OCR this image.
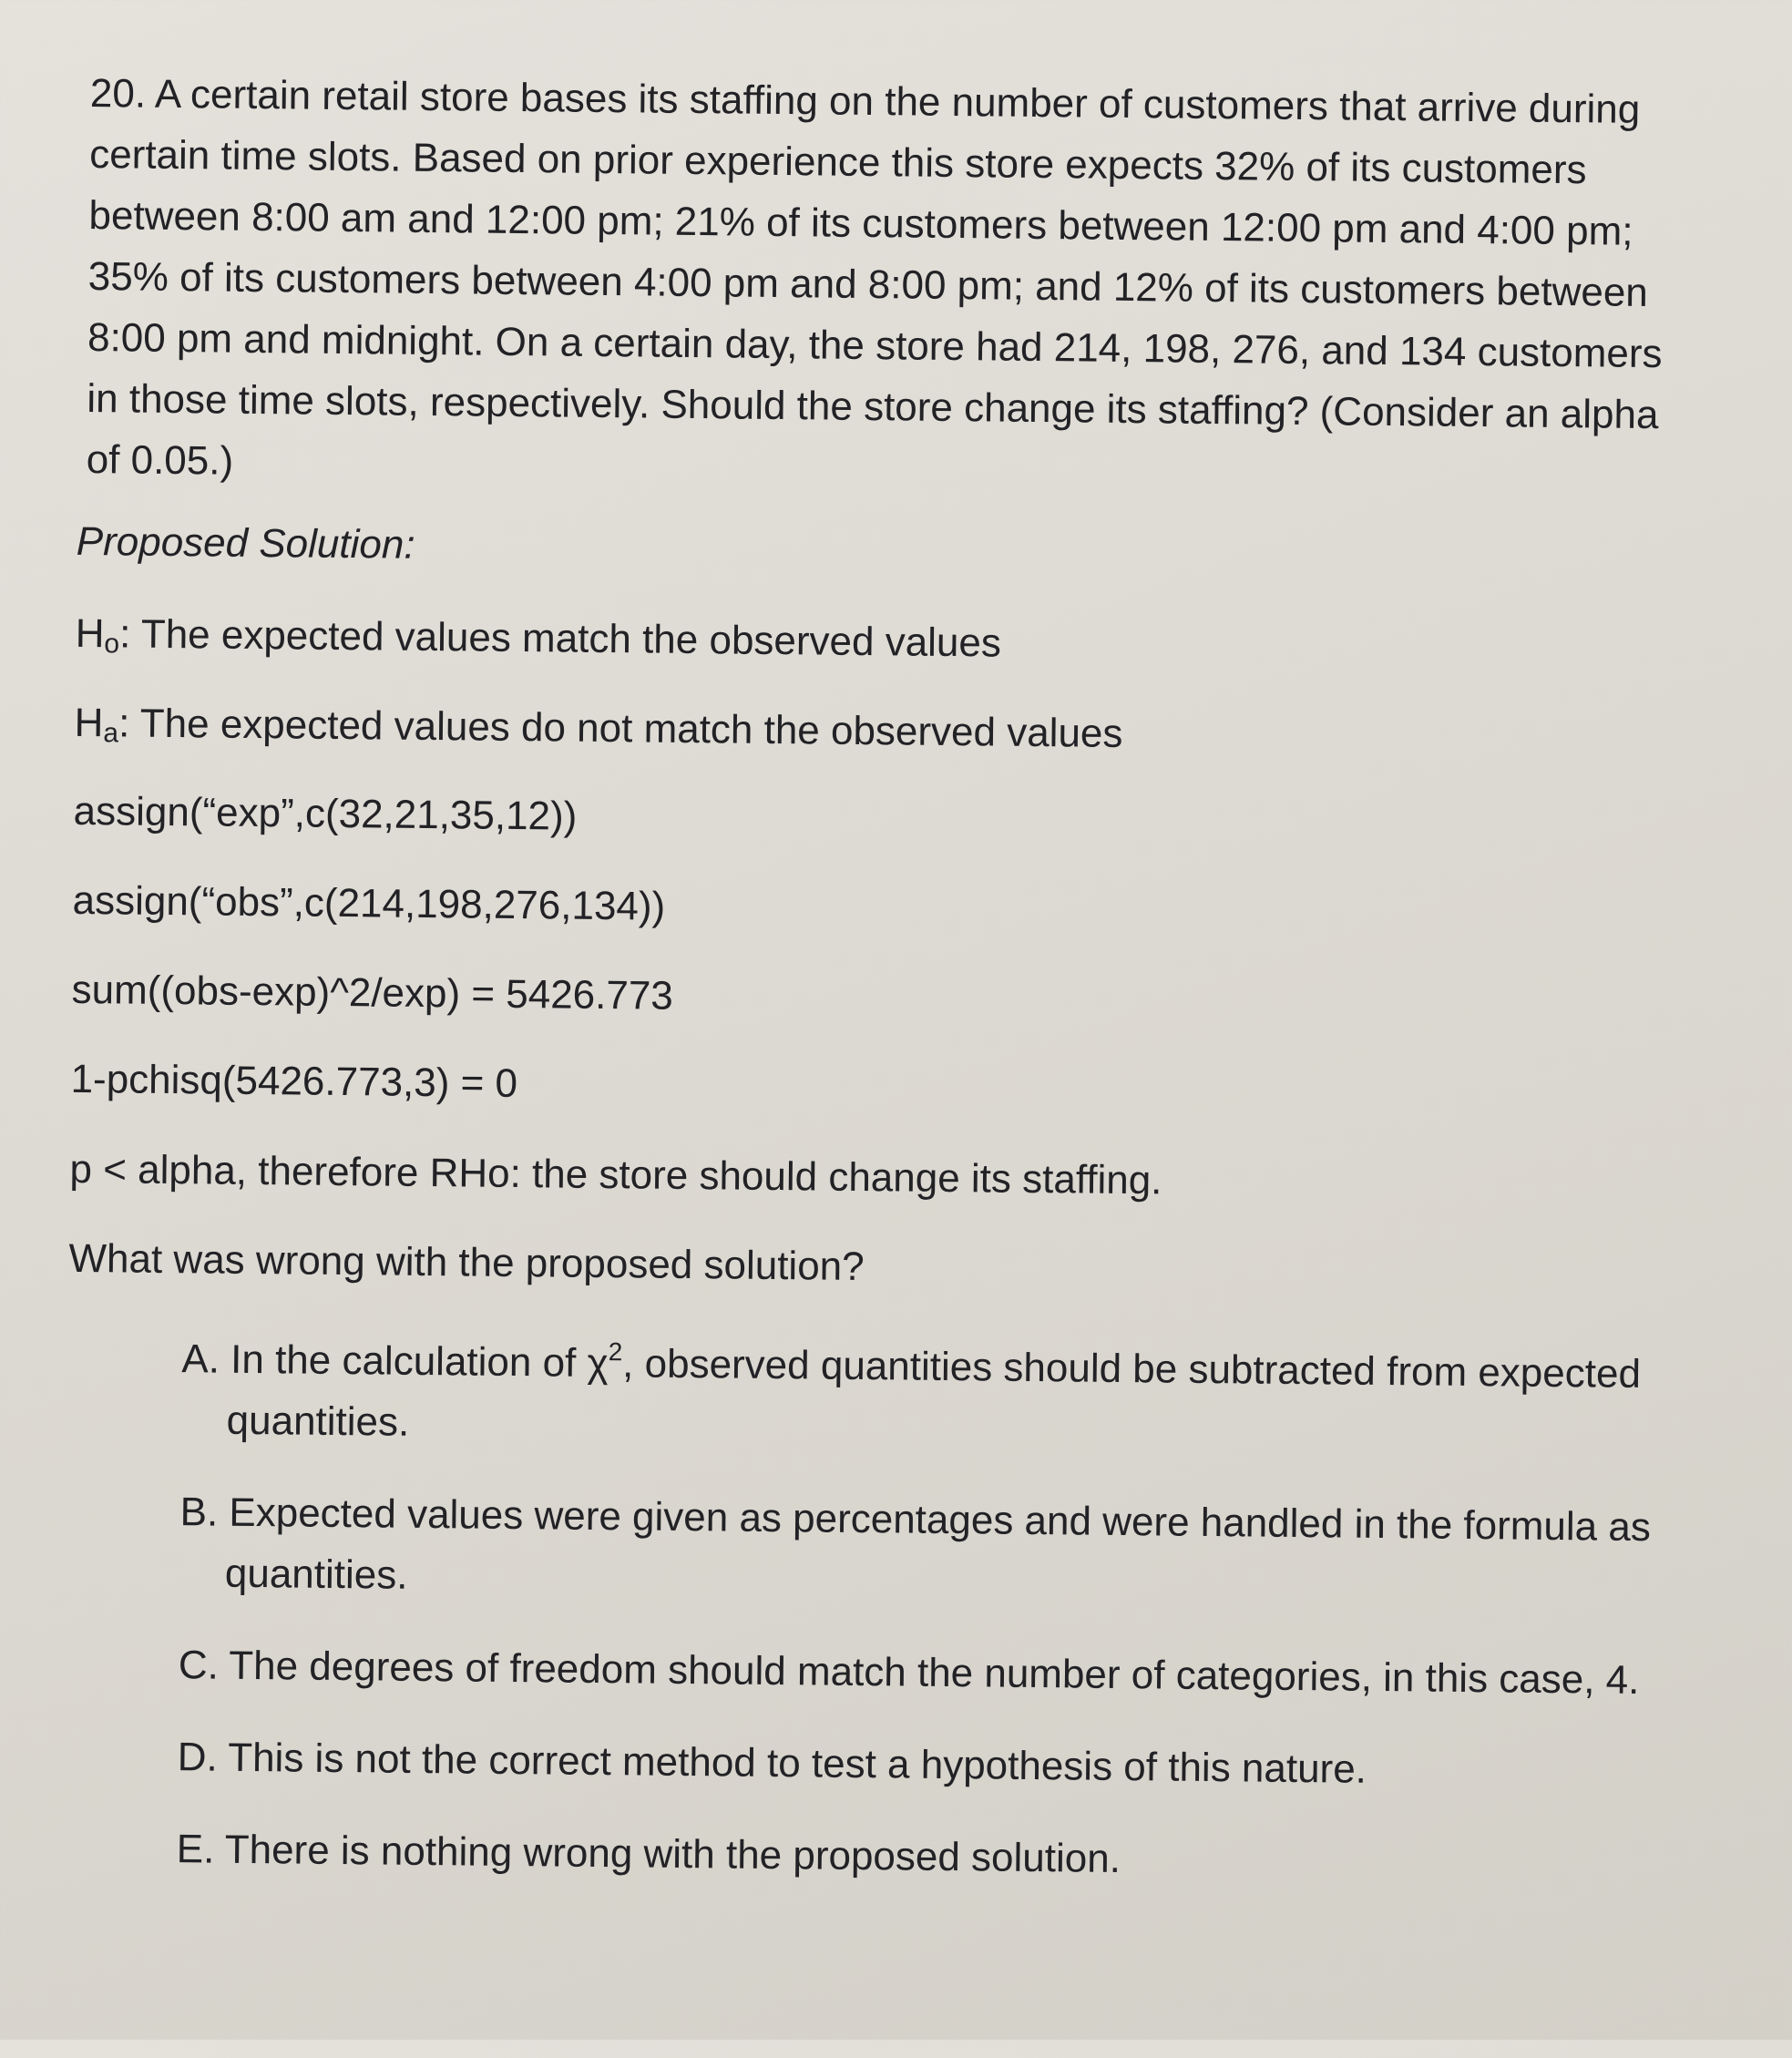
20. A certain retail store bases its staffing on the number of customers that arrive during certain time slots. Based on prior experience this store expects 32% of its customers between 8:00 am and 12:00 pm; 21% of its customers between 12:00 pm and 4:00 pm; 35% of its customers between 4:00 pm and 8:00 pm; and 12% of its customers between 8:00 pm and midnight. On a certain day, the store had 214, 198, 276, and 134 customers in those time slots, respectively. Should the store change its staffing? (Consider an alpha of 0.05.)

Proposed Solution:

$H_o$: The expected values match the observed values

$H_a$: The expected values do not match the observed values

assign(“exp”,c(32,21,35,12))

assign(“obs”,c(214,198,276,134))

sum((obs-exp)^2/exp) = 5426.773

1-pchisq(5426.773,3) = 0

p < alpha, therefore RHo: the store should change its staffing.

What was wrong with the proposed solution?

A. In the calculation of $\chi^2$, observed quantities should be subtracted from expected quantities.
B. Expected values were given as percentages and were handled in the formula as quantities.
C. The degrees of freedom should match the number of categories, in this case, 4.
D. This is not the correct method to test a hypothesis of this nature.
E. There is nothing wrong with the proposed solution.
